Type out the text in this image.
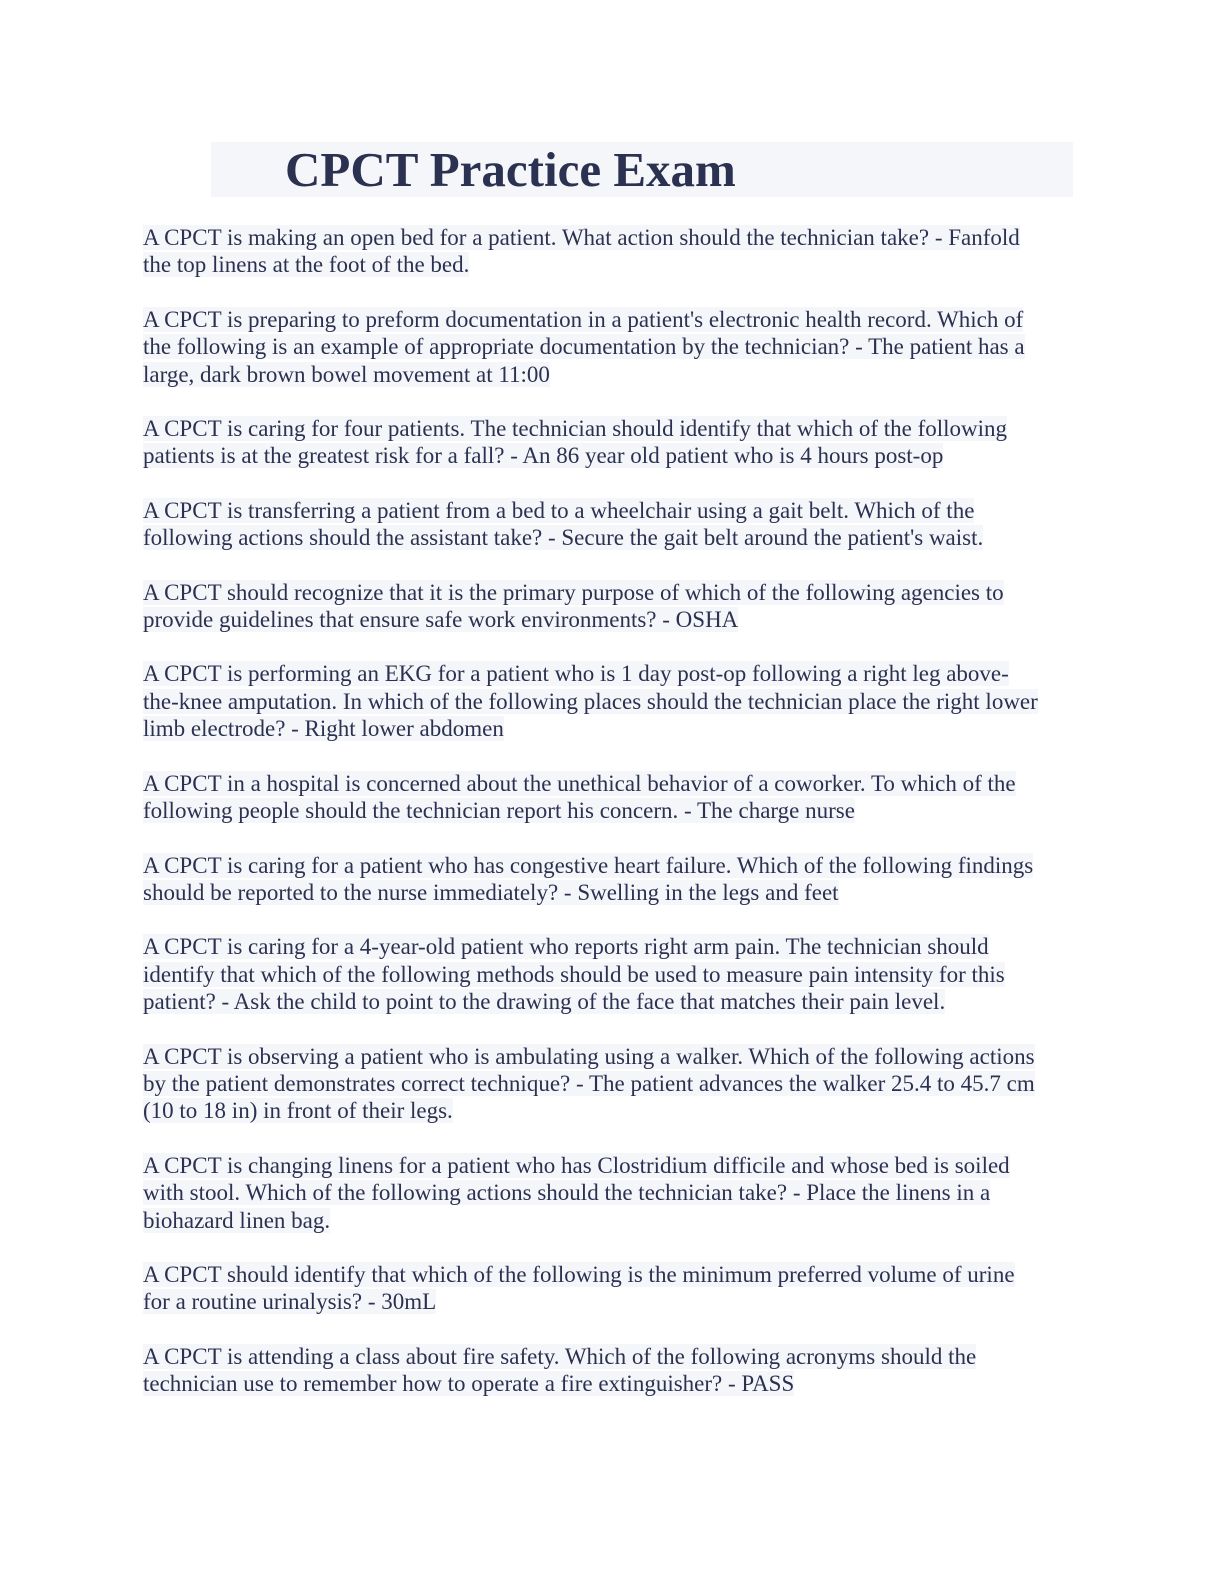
CPCT Practice Exam
A CPCT is making an open bed for a patient. What action should the technician take? - Fanfold
the top linens at the foot of the bed.
A CPCT is preparing to preform documentation in a patient's electronic health record. Which of
the following is an example of appropriate documentation by the technician? - The patient has a
large, dark brown bowel movement at 11:00
A CPCT is caring for four patients. The technician should identify that which of the following
patients is at the greatest risk for a fall? - An 86 year old patient who is 4 hours post-op
A CPCT is transferring a patient from a bed to a wheelchair using a gait belt. Which of the
following actions should the assistant take? - Secure the gait belt around the patient's waist.
A CPCT should recognize that it is the primary purpose of which of the following agencies to
provide guidelines that ensure safe work environments? - OSHA
A CPCT is performing an EKG for a patient who is 1 day post-op following a right leg above-
the-knee amputation. In which of the following places should the technician place the right lower
limb electrode? - Right lower abdomen
A CPCT in a hospital is concerned about the unethical behavior of a coworker. To which of the
following people should the technician report his concern. - The charge nurse
A CPCT is caring for a patient who has congestive heart failure. Which of the following findings
should be reported to the nurse immediately? - Swelling in the legs and feet
A CPCT is caring for a 4-year-old patient who reports right arm pain. The technician should
identify that which of the following methods should be used to measure pain intensity for this
patient? - Ask the child to point to the drawing of the face that matches their pain level.
A CPCT is observing a patient who is ambulating using a walker. Which of the following actions
by the patient demonstrates correct technique? - The patient advances the walker 25.4 to 45.7 cm
(10 to 18 in) in front of their legs.
A CPCT is changing linens for a patient who has Clostridium difficile and whose bed is soiled
with stool. Which of the following actions should the technician take? - Place the linens in a
biohazard linen bag.
A CPCT should identify that which of the following is the minimum preferred volume of urine
for a routine urinalysis? - 30mL
A CPCT is attending a class about fire safety. Which of the following acronyms should the
technician use to remember how to operate a fire extinguisher? - PASS
